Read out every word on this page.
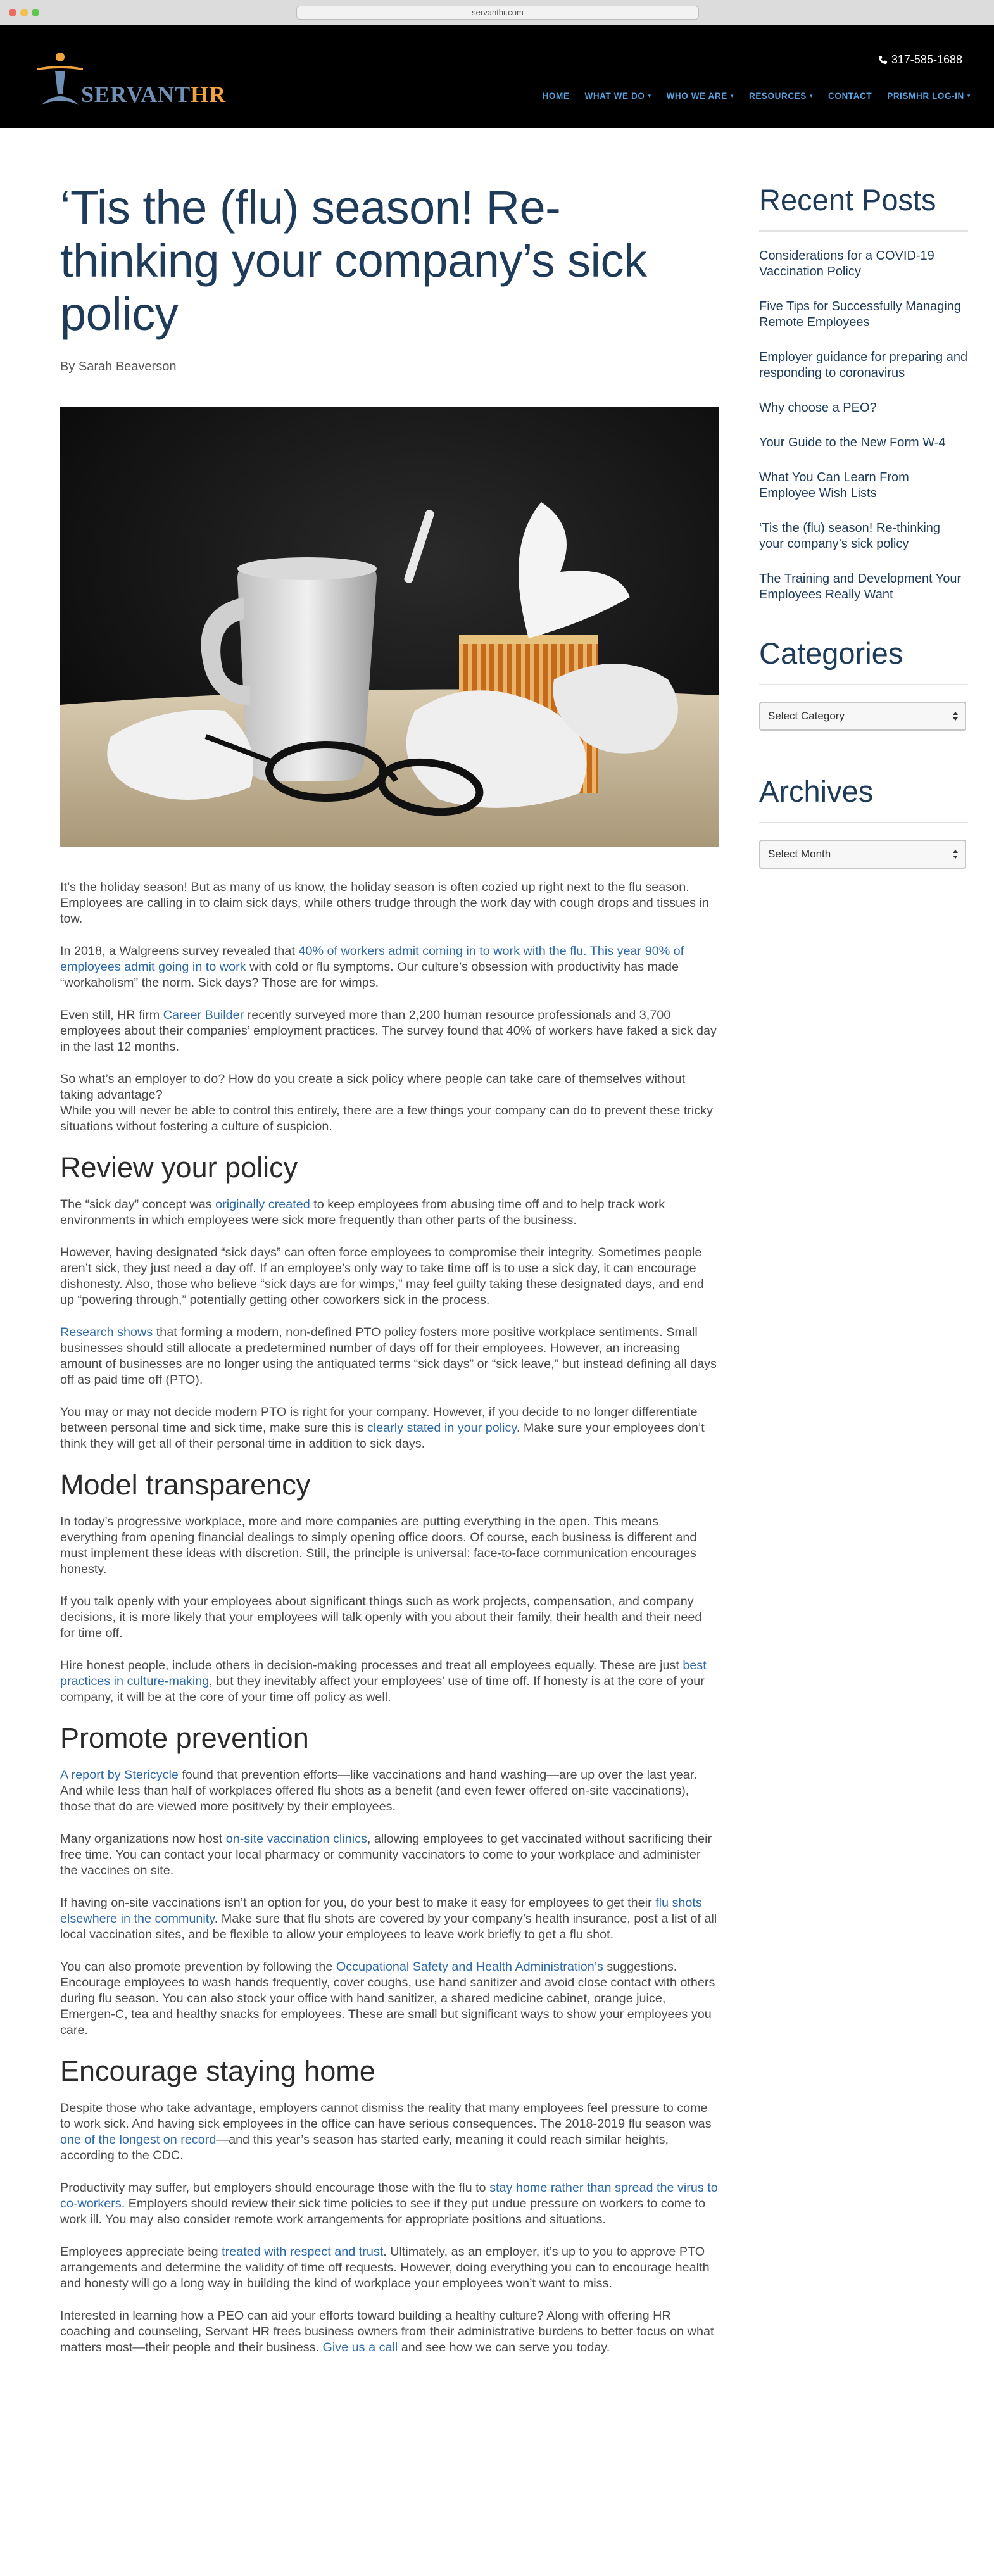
servanthr.com
SERVANTHR
317-585-1688
HOME WHAT WE DO ▾ WHO WE ARE ▾ RESOURCES ▾ CONTACT PRISMHR LOG-IN ▾
‘Tis the (flu) season! Re-thinking your company’s sick policy
By Sarah Beaverson

It’s the holiday season! But as many of us know, the holiday season is often cozied up right next to the flu season. Employees are calling in to claim sick days, while others trudge through the work day with cough drops and tissues in tow.

In 2018, a Walgreens survey revealed that 40% of workers admit coming in to work with the flu. This year 90% of employees admit going in to work with cold or flu symptoms. Our culture’s obsession with productivity has made “workaholism” the norm. Sick days? Those are for wimps.

Even still, HR firm Career Builder recently surveyed more than 2,200 human resource professionals and 3,700 employees about their companies’ employment practices. The survey found that 40% of workers have faked a sick day in the last 12 months.

So what’s an employer to do? How do you create a sick policy where people can take care of themselves without taking advantage?

While you will never be able to control this entirely, there are a few things your company can do to prevent these tricky situations without fostering a culture of suspicion.

Review your policy

The “sick day” concept was originally created to keep employees from abusing time off and to help track work environments in which employees were sick more frequently than other parts of the business.

However, having designated “sick days” can often force employees to compromise their integrity. Sometimes people aren’t sick, they just need a day off. If an employee’s only way to take time off is to use a sick day, it can encourage dishonesty. Also, those who believe “sick days are for wimps,” may feel guilty taking these designated days, and end up “powering through,” potentially getting other coworkers sick in the process.

Research shows that forming a modern, non-defined PTO policy fosters more positive workplace sentiments. Small businesses should still allocate a predetermined number of days off for their employees. However, an increasing amount of businesses are no longer using the antiquated terms “sick days” or “sick leave,” but instead defining all days off as paid time off (PTO).

You may or may not decide modern PTO is right for your company. However, if you decide to no longer differentiate between personal time and sick time, make sure this is clearly stated in your policy. Make sure your employees don’t think they will get all of their personal time in addition to sick days.

Model transparency

In today’s progressive workplace, more and more companies are putting everything in the open. This means everything from opening financial dealings to simply opening office doors. Of course, each business is different and must implement these ideas with discretion. Still, the principle is universal: face-to-face communication encourages honesty.

If you talk openly with your employees about significant things such as work projects, compensation, and company decisions, it is more likely that your employees will talk openly with you about their family, their health and their need for time off.

Hire honest people, include others in decision-making processes and treat all employees equally. These are just best practices in culture-making, but they inevitably affect your employees’ use of time off. If honesty is at the core of your company, it will be at the core of your time off policy as well.

Promote prevention

A report by Stericycle found that prevention efforts—like vaccinations and hand washing—are up over the last year. And while less than half of workplaces offered flu shots as a benefit (and even fewer offered on-site vaccinations), those that do are viewed more positively by their employees.

Many organizations now host on-site vaccination clinics, allowing employees to get vaccinated without sacrificing their free time. You can contact your local pharmacy or community vaccinators to come to your workplace and administer the vaccines on site.

If having on-site vaccinations isn’t an option for you, do your best to make it easy for employees to get their flu shots elsewhere in the community. Make sure that flu shots are covered by your company’s health insurance, post a list of all local vaccination sites, and be flexible to allow your employees to leave work briefly to get a flu shot.

You can also promote prevention by following the Occupational Safety and Health Administration’s suggestions. Encourage employees to wash hands frequently, cover coughs, use hand sanitizer and avoid close contact with others during flu season. You can also stock your office with hand sanitizer, a shared medicine cabinet, orange juice, Emergen-C, tea and healthy snacks for employees. These are small but significant ways to show your employees you care.

Encourage staying home

Despite those who take advantage, employers cannot dismiss the reality that many employees feel pressure to come to work sick. And having sick employees in the office can have serious consequences. The 2018-2019 flu season was one of the longest on record—and this year’s season has started early, meaning it could reach similar heights, according to the CDC.

Productivity may suffer, but employers should encourage those with the flu to stay home rather than spread the virus to co-workers. Employers should review their sick time policies to see if they put undue pressure on workers to come to work ill. You may also consider remote work arrangements for appropriate positions and situations.

Employees appreciate being treated with respect and trust. Ultimately, as an employer, it’s up to you to approve PTO arrangements and determine the validity of time off requests. However, doing everything you can to encourage health and honesty will go a long way in building the kind of workplace your employees won’t want to miss.

Interested in learning how a PEO can aid your efforts toward building a healthy culture? Along with offering HR coaching and counseling, Servant HR frees business owners from their administrative burdens to better focus on what matters most—their people and their business. Give us a call and see how we can serve you today.

Recent Posts
Considerations for a COVID-19 Vaccination Policy
Five Tips for Successfully Managing Remote Employees
Employer guidance for preparing and responding to coronavirus
Why choose a PEO?
Your Guide to the New Form W-4
What You Can Learn From Employee Wish Lists
‘Tis the (flu) season! Re-thinking your company’s sick policy
The Training and Development Your Employees Really Want
Categories
Select Category
Archives
Select Month
